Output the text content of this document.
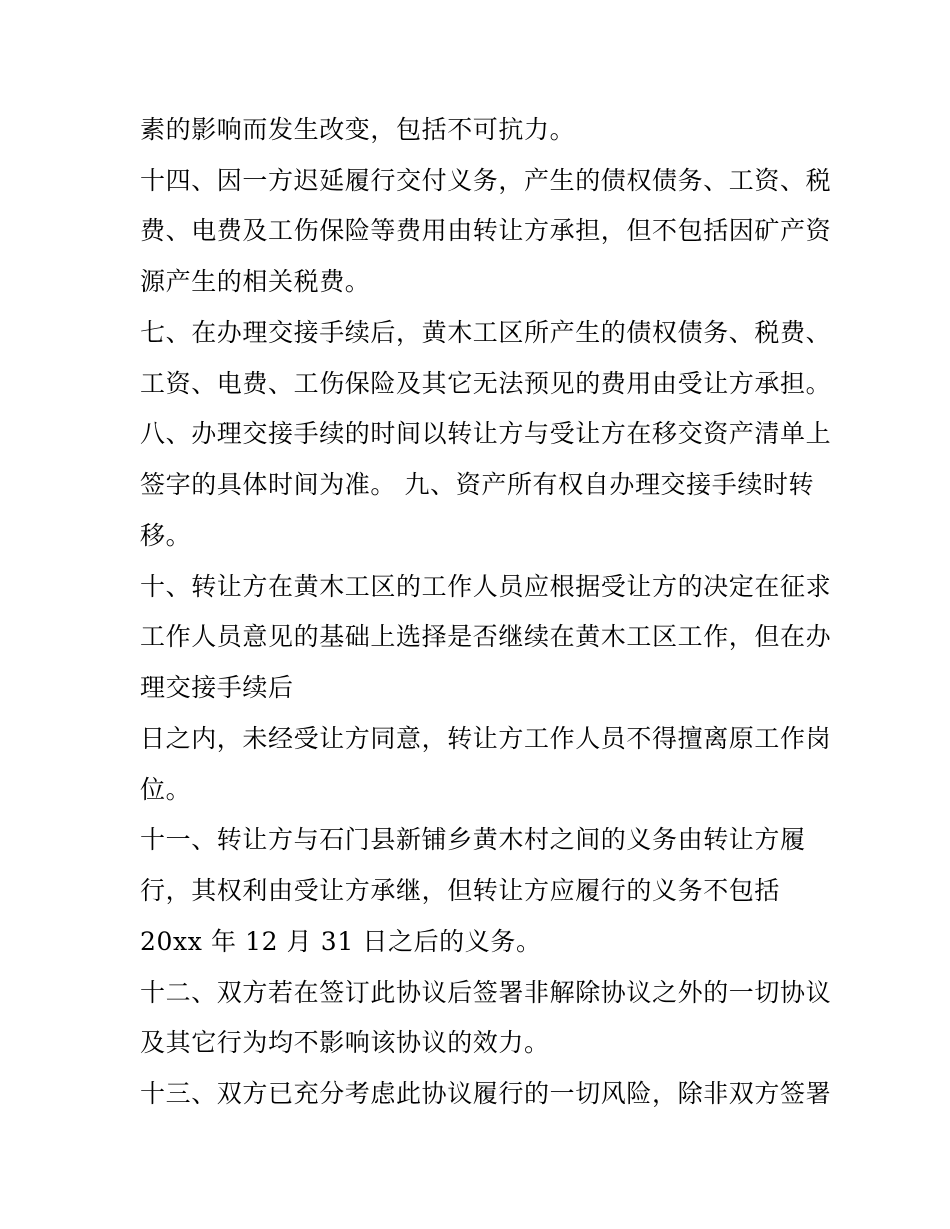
素的影响而发生改变，包括不可抗力。
十四、因一方迟延履行交付义务，产生的债权债务、工资、税
费、电费及工伤保险等费用由转让方承担，但不包括因矿产资
源产生的相关税费。
七、在办理交接手续后，黄木工区所产生的债权债务、税费、
工资、电费、工伤保险及其它无法预见的费用由受让方承担。
八、办理交接手续的时间以转让方与受让方在移交资产清单上
签字的具体时间为准。 九、资产所有权自办理交接手续时转
移。
十、转让方在黄木工区的工作人员应根据受让方的决定在征求
工作人员意见的基础上选择是否继续在黄木工区工作，但在办
理交接手续后
日之内，未经受让方同意，转让方工作人员不得擅离原工作岗
位。
十一、转让方与石门县新铺乡黄木村之间的义务由转让方履
行，其权利由受让方承继，但转让方应履行的义务不包括
20xx 年 12 月 31 日之后的义务。
十二、双方若在签订此协议后签署非解除协议之外的一切协议
及其它行为均不影响该协议的效力。
十三、双方已充分考虑此协议履行的一切风险，除非双方签署
